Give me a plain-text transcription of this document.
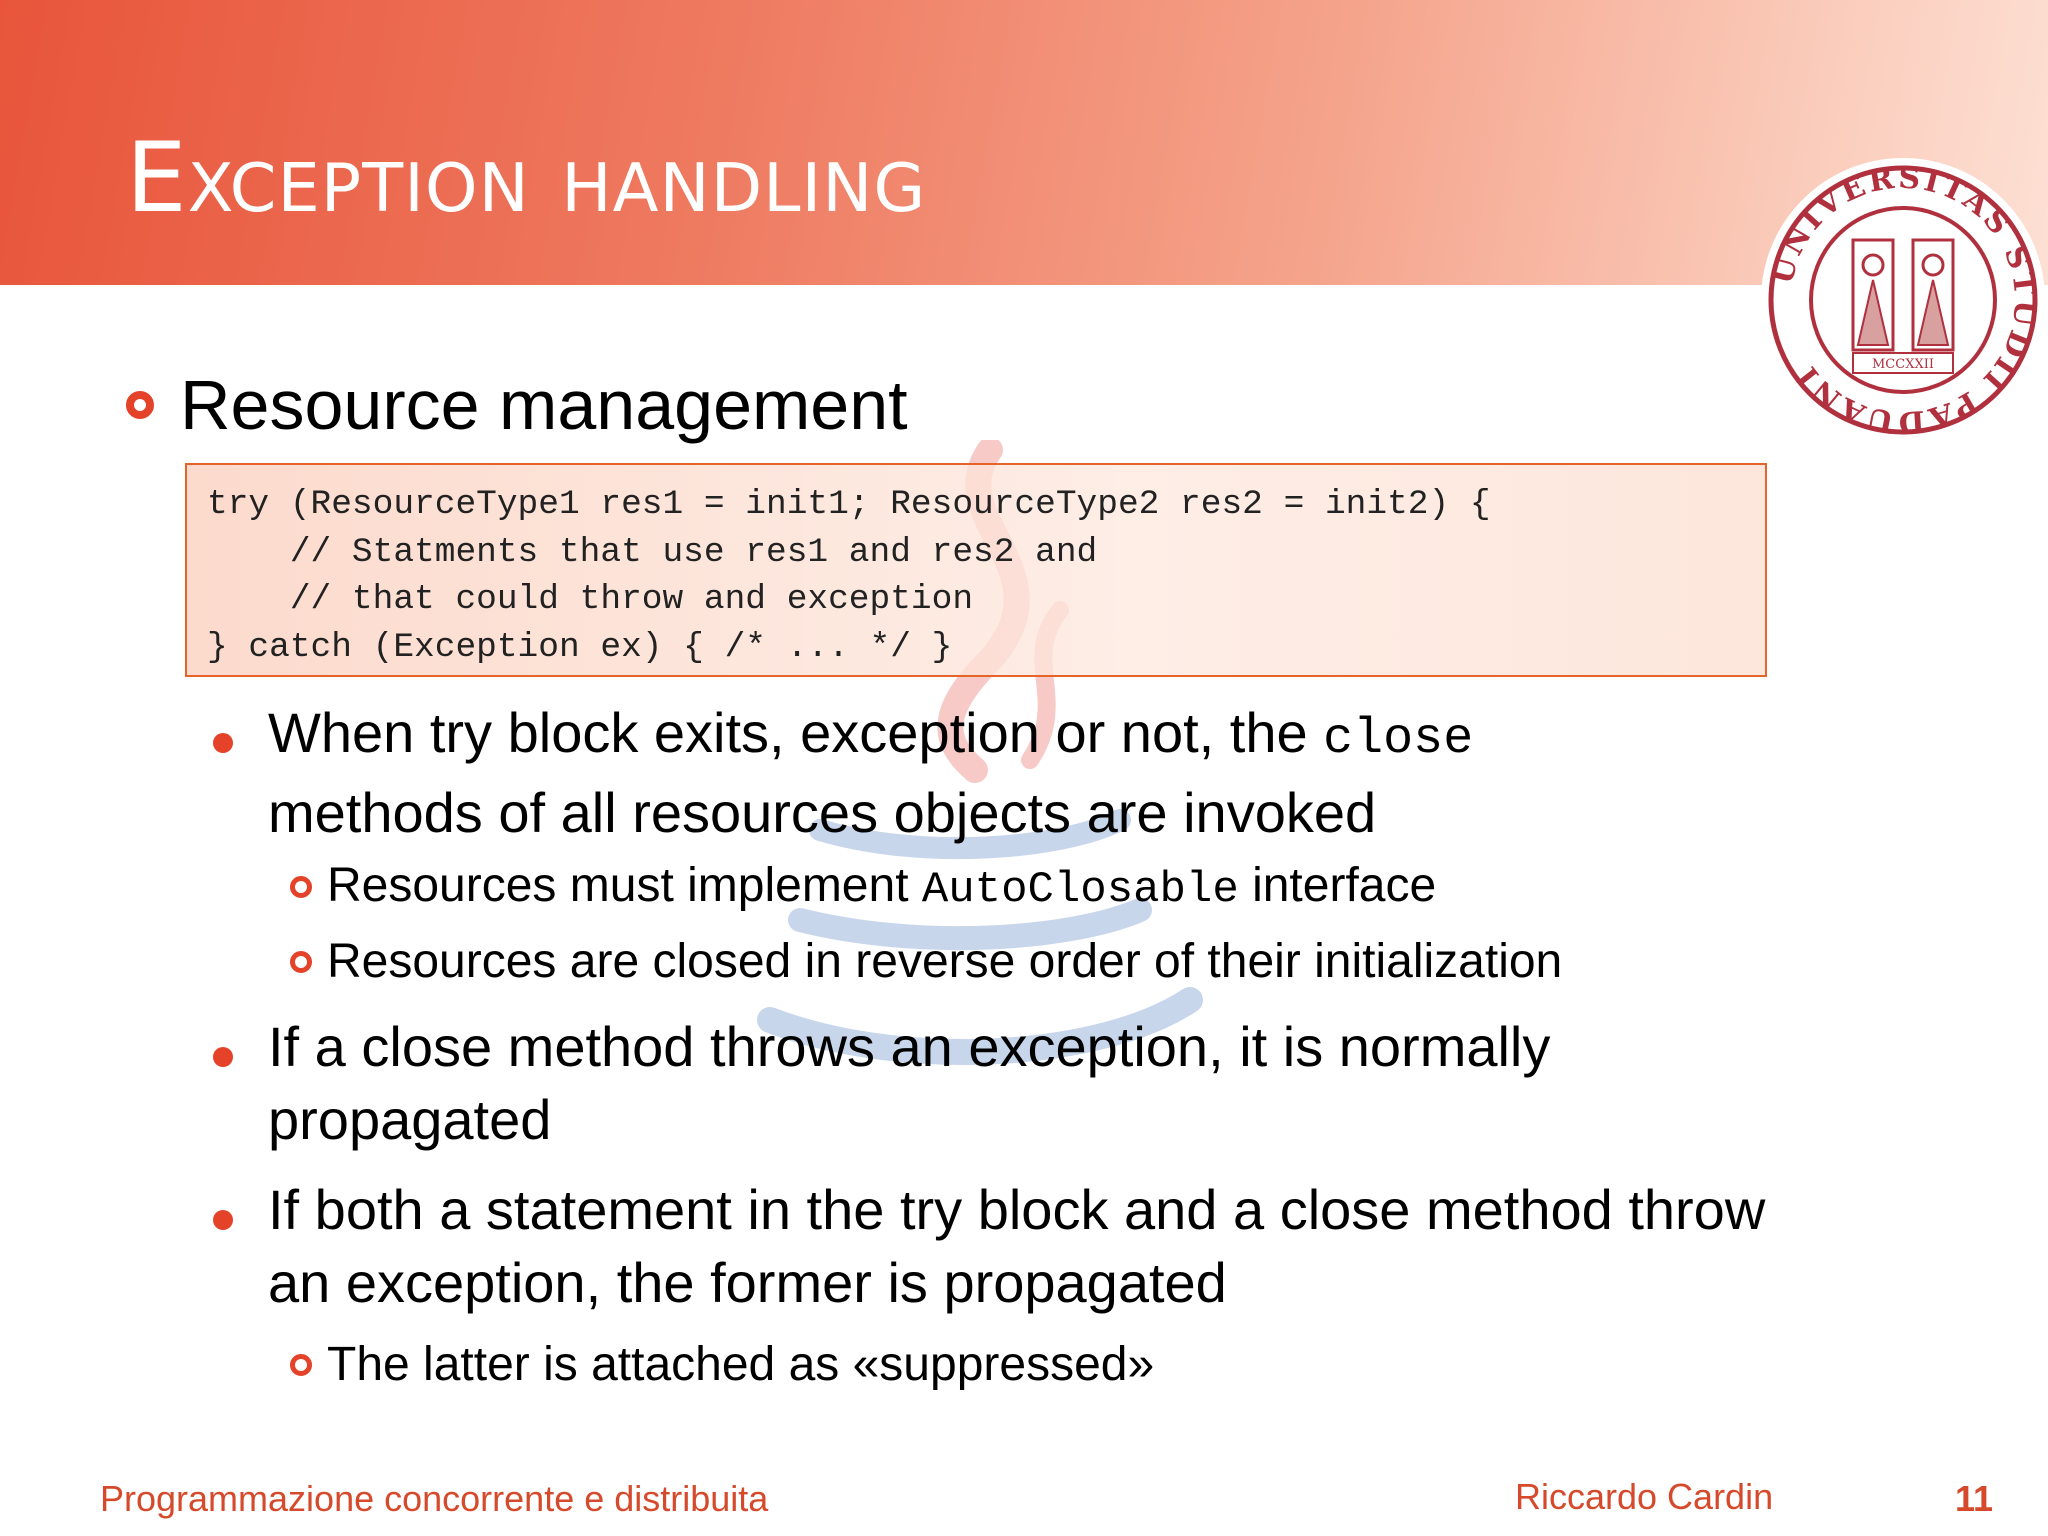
Exception handling
UNIVERSITAS STUDII PADUANI	MCCXXII
Resource management
try (ResourceType1 res1 = init1; ResourceType2 res2 = init2) {
// Statments that use res1 and res2 and
// that could throw and exception
} catch (Exception ex) { /* ... */ }
When try block exits, exception or not, the close
methods of all resources objects are invoked
Resources must implement AutoClosable interface
Resources are closed in reverse order of their initialization
If a close method throws an exception, it is normally propagated
If both a statement in the try block and a close method throw an exception, the former is propagated
The latter is attached as «suppressed»
Programmazione concorrente e distribuita	Riccardo Cardin	11
